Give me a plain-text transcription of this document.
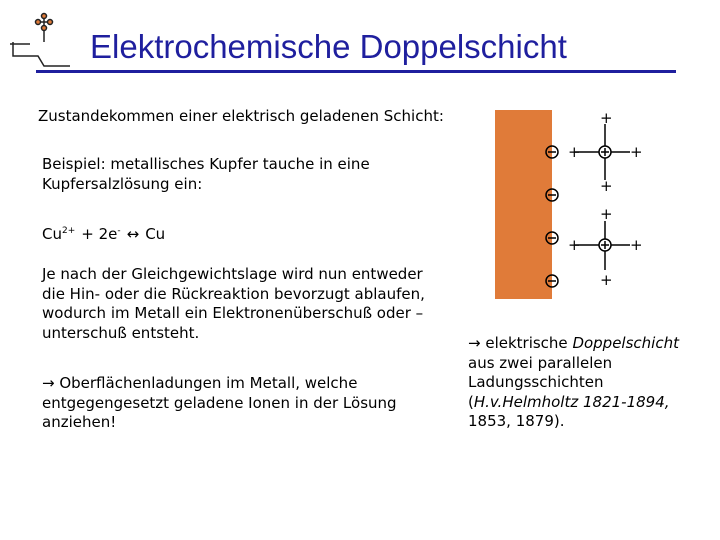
Elektrochemische Doppelschicht
Zustandekommen einer elektrisch geladenen Schicht:
Beispiel: metallisches Kupfer tauche in eine
Kupfersalzlösung ein:
$Cu^{2+} + 2e^-$ ↔ Cu
Je nach der Gleichgewichtslage wird nun entweder
die Hin- oder die Rückreaktion bevorzugt ablaufen,
wodurch im Metall ein Elektronenüberschuß oder –
unterschuß entsteht.
→ Oberflächenladungen im Metall, welche
entgegengesetzt geladene Ionen in der Lösung
anziehen!
→ elektrische Doppelschicht
aus zwei parallelen
Ladungsschichten
(H.v.Helmholtz 1821-1894,
1853, 1879).
+
+	+
+
+
+	+
+
